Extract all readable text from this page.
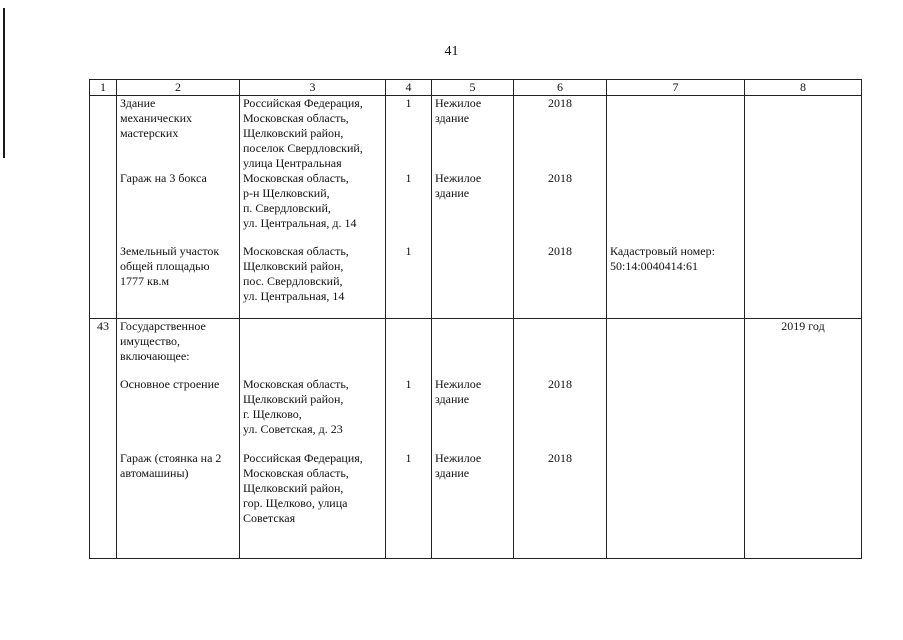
41
1	2	3	4	5	6	7	8

	Здание
механических
мастерских	Российская Федерация,
Московская область,
Щелковский район,
поселок Свердловский,
улица Центральная	1	Нежилое
здание	2018		

	Гараж на 3 бокса	Московская область,
р-н Щелковский,
п. Свердловский,
ул. Центральная, д. 14	1	Нежилое
здание	2018		

	Земельный участок
общей площадью
1777 кв.м	Московская область,
Щелковский район,
пос. Свердловский,
ул. Центральная, 14	1		2018	Кадастровый номер:
50:14:0040414:61	

43	Государственное
имущество,
включающее:						2019 год

	Основное строение	Московская область,
Щелковский район,
г. Щелково,
ул. Советская, д. 23	1	Нежилое
здание	2018		

	Гараж (стоянка на 2
автомашины)	Российская Федерация,
Московская область,
Щелковский район,
гор. Щелково, улица
Советская	1	Нежилое
здание	2018		
